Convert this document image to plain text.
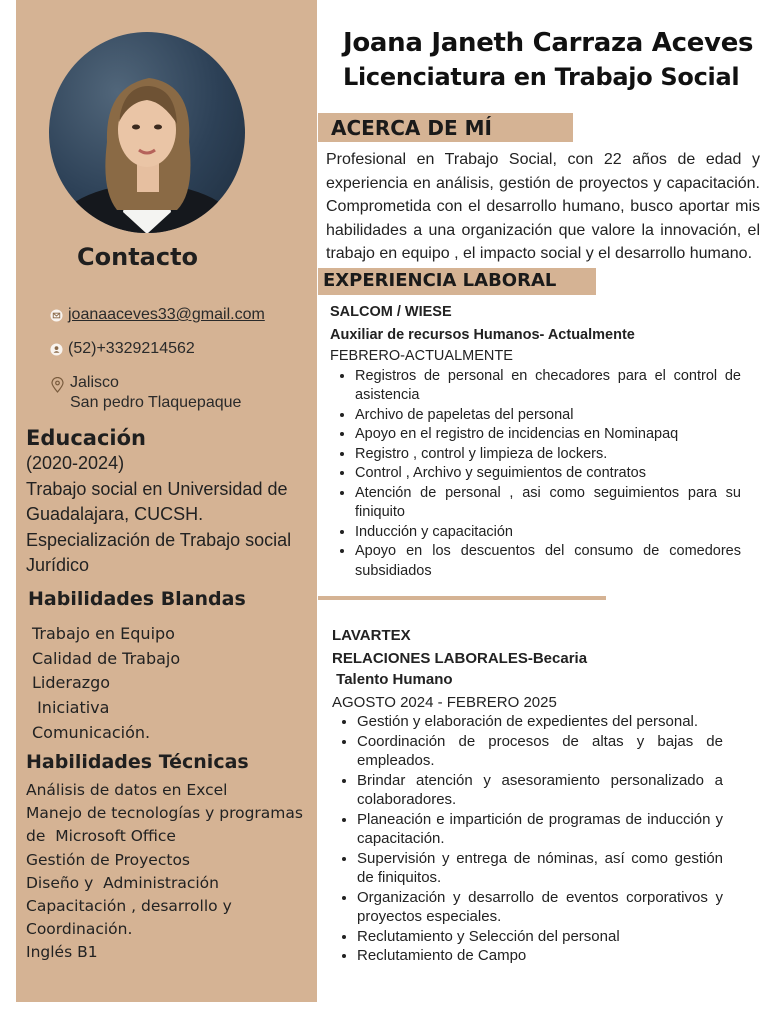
Contacto
joanaaceves33@gmail.com
(52)+3329214562
Jalisco
San pedro Tlaquepaque
Educación
(2020-2024)
Trabajo social en Universidad de
Guadalajara, CUCSH.
Especialización de Trabajo social
Jurídico
Habilidades Blandas
Trabajo en Equipo
Calidad de Trabajo
Liderazgo
Iniciativa
Comunicación.
Habilidades Técnicas
Análisis de datos en Excel
Manejo de tecnologías y programas
de  Microsoft Office
Gestión de Proyectos
Diseño y  Administración
Capacitación , desarrollo y
Coordinación.
Inglés B1
Joana Janeth Carraza Aceves
Licenciatura en Trabajo Social
ACERCA DE MÍ
Profesional en Trabajo Social, con 22 años de edad y experiencia en análisis, gestión de proyectos y capacitación. Comprometida con el desarrollo humano, busco aportar mis habilidades a una organización que valore la innovación, el trabajo en equipo , el impacto social y el desarrollo humano.
EXPERIENCIA LABORAL
SALCOM / WIESE
Auxiliar de recursos Humanos- Actualmente
FEBRERO-ACTUALMENTE
• Registros de personal en checadores para el control de asistencia
• Archivo de papeletas del personal
• Apoyo en el registro de incidencias en Nominapaq
• Registro , control y limpieza de lockers.
• Control , Archivo y seguimientos de contratos
• Atención de personal , asi como seguimientos para su finiquito
• Inducción y capacitación
• Apoyo en los descuentos del consumo de comedores subsidiados
LAVARTEX
RELACIONES LABORALES-Becaria
Talento Humano
AGOSTO 2024 - FEBRERO 2025
• Gestión y elaboración de expedientes del personal.
• Coordinación de procesos de altas y bajas de empleados.
• Brindar atención y asesoramiento personalizado a colaboradores.
• Planeación e impartición de programas de inducción y capacitación.
• Supervisión y entrega de nóminas, así como gestión de finiquitos.
• Organización y desarrollo de eventos corporativos y proyectos especiales.
• Reclutamiento y Selección del personal
• Reclutamiento de Campo
